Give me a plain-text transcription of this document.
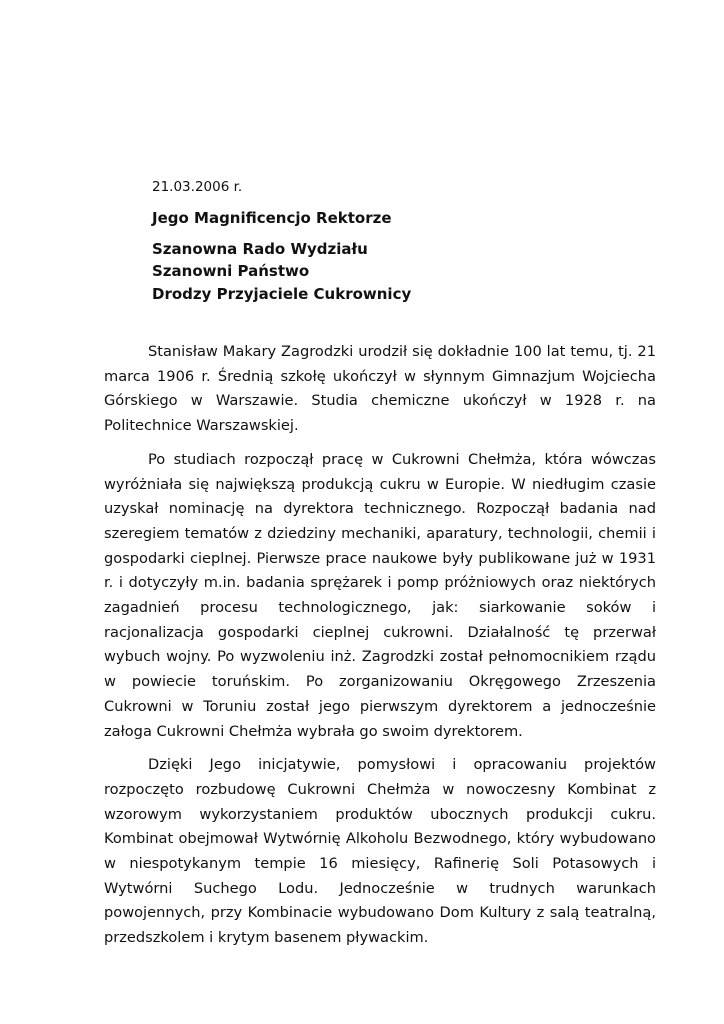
21.03.2006 r.

Jego Magnificencjo Rektorze
Szanowna Rado Wydziału
Szanowni Państwo
Drodzy Przyjaciele Cukrownicy

Stanisław Makary Zagrodzki urodził się dokładnie 100 lat temu, tj. 21 marca 1906 r. Średnią szkołę ukończył w słynnym Gimnazjum Wojciecha Górskiego w Warszawie. Studia chemiczne ukończył w 1928 r. na Politechnice Warszawskiej.

Po studiach rozpoczął pracę w Cukrowni Chełmża, która wówczas wyróżniała się największą produkcją cukru w Europie. W niedługim czasie uzyskał nominację na dyrektora technicznego. Rozpoczął badania nad szeregiem tematów z dziedziny mechaniki, aparatury, technologii, chemii i gospodarki cieplnej. Pierwsze prace naukowe były publikowane już w 1931 r. i dotyczyły m.in. badania sprężarek i pomp próżniowych oraz niektórych zagadnień procesu technologicznego, jak: siarkowanie soków i racjonalizacja gospodarki cieplnej cukrowni. Działalność tę przerwał wybuch wojny. Po wyzwoleniu inż. Zagrodzki został pełnomocnikiem rządu w powiecie toruńskim. Po zorganizowaniu Okręgowego Zrzeszenia Cukrowni w Toruniu został jego pierwszym dyrektorem a jednocześnie załoga Cukrowni Chełmża wybrała go swoim dyrektorem.

Dzięki Jego inicjatywie, pomysłowi i opracowaniu projektów rozpoczęto rozbudowę Cukrowni Chełmża w nowoczesny Kombinat z wzorowym wykorzystaniem produktów ubocznych produkcji cukru. Kombinat obejmował Wytwórnię Alkoholu Bezwodnego, który wybudowano w niespotykanym tempie 16 miesięcy, Rafinerię Soli Potasowych i Wytwórni Suchego Lodu. Jednocześnie w trudnych warunkach powojennych, przy Kombinacie wybudowano Dom Kultury z salą teatralną, przedszkolem i krytym basenem pływackim.
